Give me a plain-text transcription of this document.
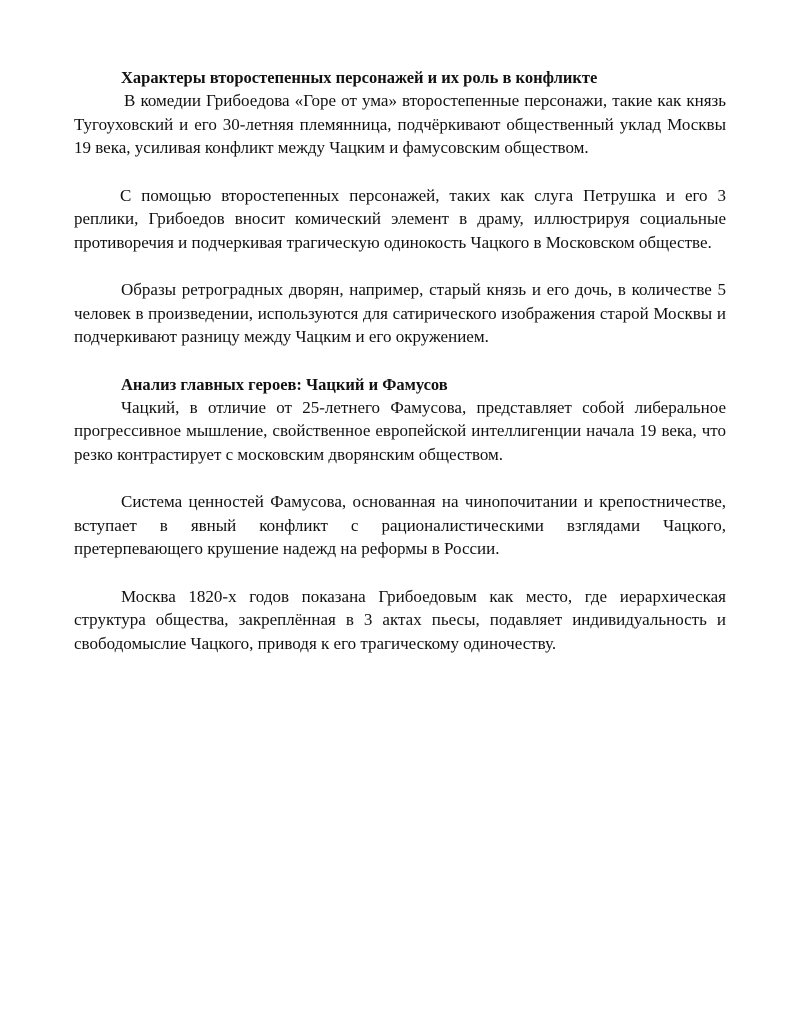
Характеры второстепенных персонажей и их роль в конфликте

В комедии Грибоедова «Горе от ума» второстепенные персонажи, такие как князь Тугоуховский и его 30-летняя племянница, подчёркивают общественный уклад Москвы 19 века, усиливая конфликт между Чацким и фамусовским обществом.

С помощью второстепенных персонажей, таких как слуга Петрушка и его 3 реплики, Грибоедов вносит комический элемент в драму, иллюстрируя социальные противоречия и подчеркивая трагическую одинокость Чацкого в Московском обществе.

Образы ретроградных дворян, например, старый князь и его дочь, в количестве 5 человек в произведении, используются для сатирического изображения старой Москвы и подчеркивают разницу между Чацким и его окружением.

Анализ главных героев: Чацкий и Фамусов

Чацкий, в отличие от 25-летнего Фамусова, представляет собой либеральное прогрессивное мышление, свойственное европейской интеллигенции начала 19 века, что резко контрастирует с московским дворянским обществом.

Система ценностей Фамусова, основанная на чинопочитании и крепостничестве, вступает в явный конфликт с рационалистическими взглядами Чацкого, претерпевающего крушение надежд на реформы в России.

Москва 1820-х годов показана Грибоедовым как место, где иерархическая структура общества, закреплённая в 3 актах пьесы, подавляет индивидуальность и свободомыслие Чацкого, приводя к его трагическому одиночеству.
